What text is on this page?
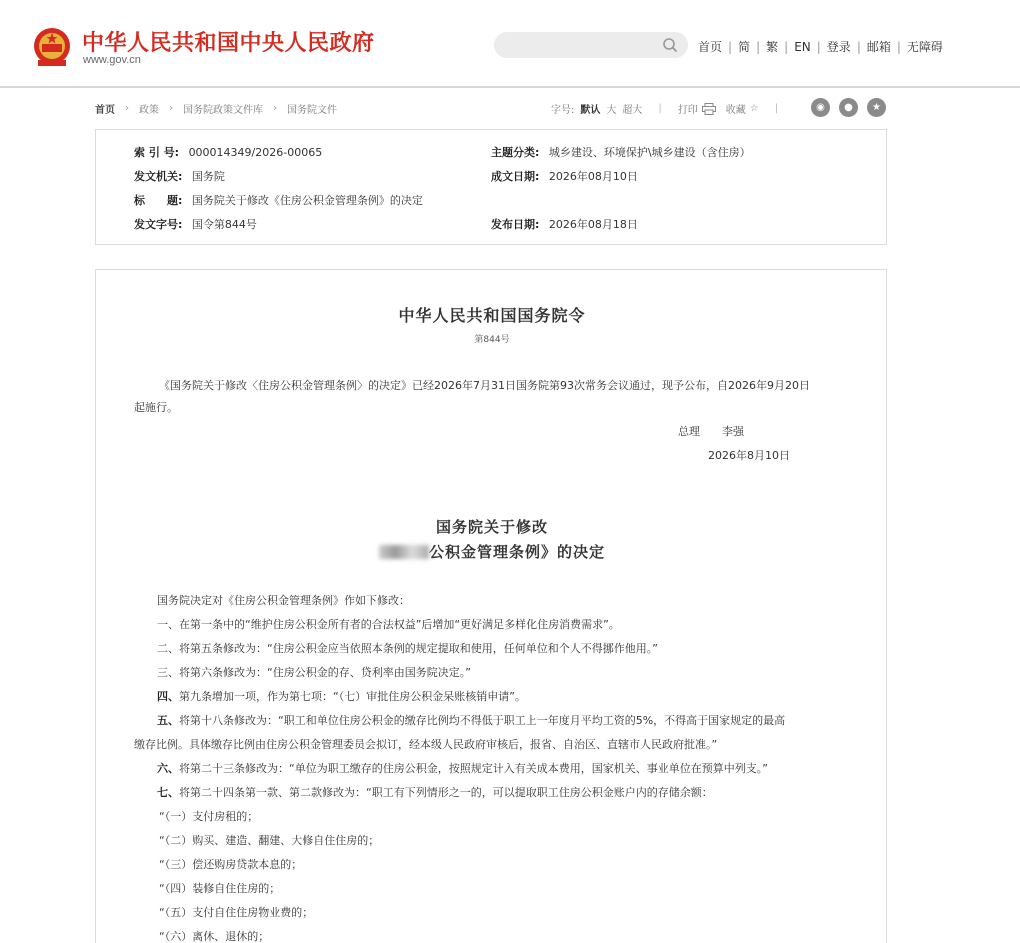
中华人民共和国中央人民政府
www.gov.cn
首页 | 简 | 繁 | EN | 登录 | 邮箱 | 无障碍
首页 › 政策 › 国务院政策文件库 › 国务院文件	字号: 默认 大 超大 | 打印	收藏 ☆ |	◉	●	★
索 引 号: 000014349/2026-00065	主题分类: 城乡建设、环境保护\城乡建设（含住房）
发文机关: 国务院	成文日期: 2026年08月10日
标　　题: 国务院关于修改《住房公积金管理条例》的决定
发文字号: 国令第844号	发布日期: 2026年08月18日
中华人民共和国国务院令
第844号
《国务院关于修改〈住房公积金管理条例〉的决定》已经2026年7月31日国务院第93次常务会议通过，现予公布，自2026年9月20日
起施行。
总理　　李强
2026年8月10日
国务院关于修改
公积金管理条例》的决定
国务院决定对《住房公积金管理条例》作如下修改：
一、在第一条中的“维护住房公积金所有者的合法权益”后增加“更好满足多样化住房消费需求”。
二、将第五条修改为：“住房公积金应当依照本条例的规定提取和使用，任何单位和个人不得挪作他用。”
三、将第六条修改为：“住房公积金的存、贷利率由国务院决定。”
四、第九条增加一项，作为第七项：“（七）审批住房公积金呆账核销申请”。
五、将第十八条修改为：“职工和单位住房公积金的缴存比例均不得低于职工上一年度月平均工资的5%，不得高于国家规定的最高
缴存比例。具体缴存比例由住房公积金管理委员会拟订，经本级人民政府审核后，报省、自治区、直辖市人民政府批准。”
六、将第二十三条修改为：“单位为职工缴存的住房公积金，按照规定计入有关成本费用，国家机关、事业单位在预算中列支。”
七、将第二十四条第一款、第二款修改为：“职工有下列情形之一的，可以提取职工住房公积金账户内的存储余额：
“（一）支付房租的；
“（二）购买、建造、翻建、大修自住住房的；
“（三）偿还购房贷款本息的；
“（四）装修自住住房的；
“（五）支付自住住房物业费的；
“（六）离休、退休的；
